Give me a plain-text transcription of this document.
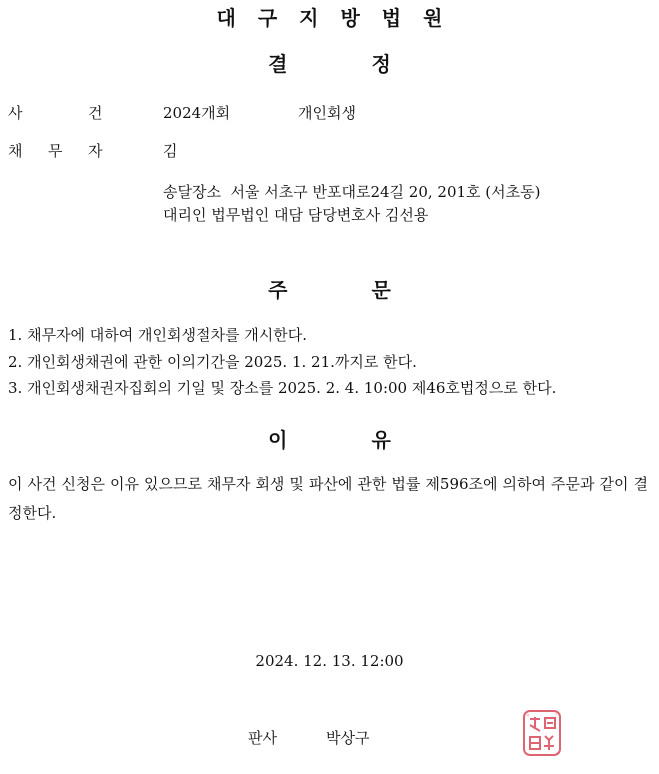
대구지방법원
결	정
사	건	2024개회	개인회생
채 무 자	김
송달장소  서울 서초구 반포대로24길 20, 201호 (서초동)
대리인 법무법인 대담 담당변호사 김선용
주	문
1. 채무자에 대하여 개인회생절차를 개시한다.
2. 개인회생채권에 관한 이의기간을 2025. 1. 21.까지로 한다.
3. 개인회생채권자집회의 기일 및 장소를 2025. 2. 4. 10:00 제46호법정으로 한다.
이	유
이 사건 신청은 이유 있으므로 채무자 회생 및 파산에 관한 법률 제596조에 의하여 주문과 같이 결정한다.
2024. 12. 13. 12:00
판사	박상구
